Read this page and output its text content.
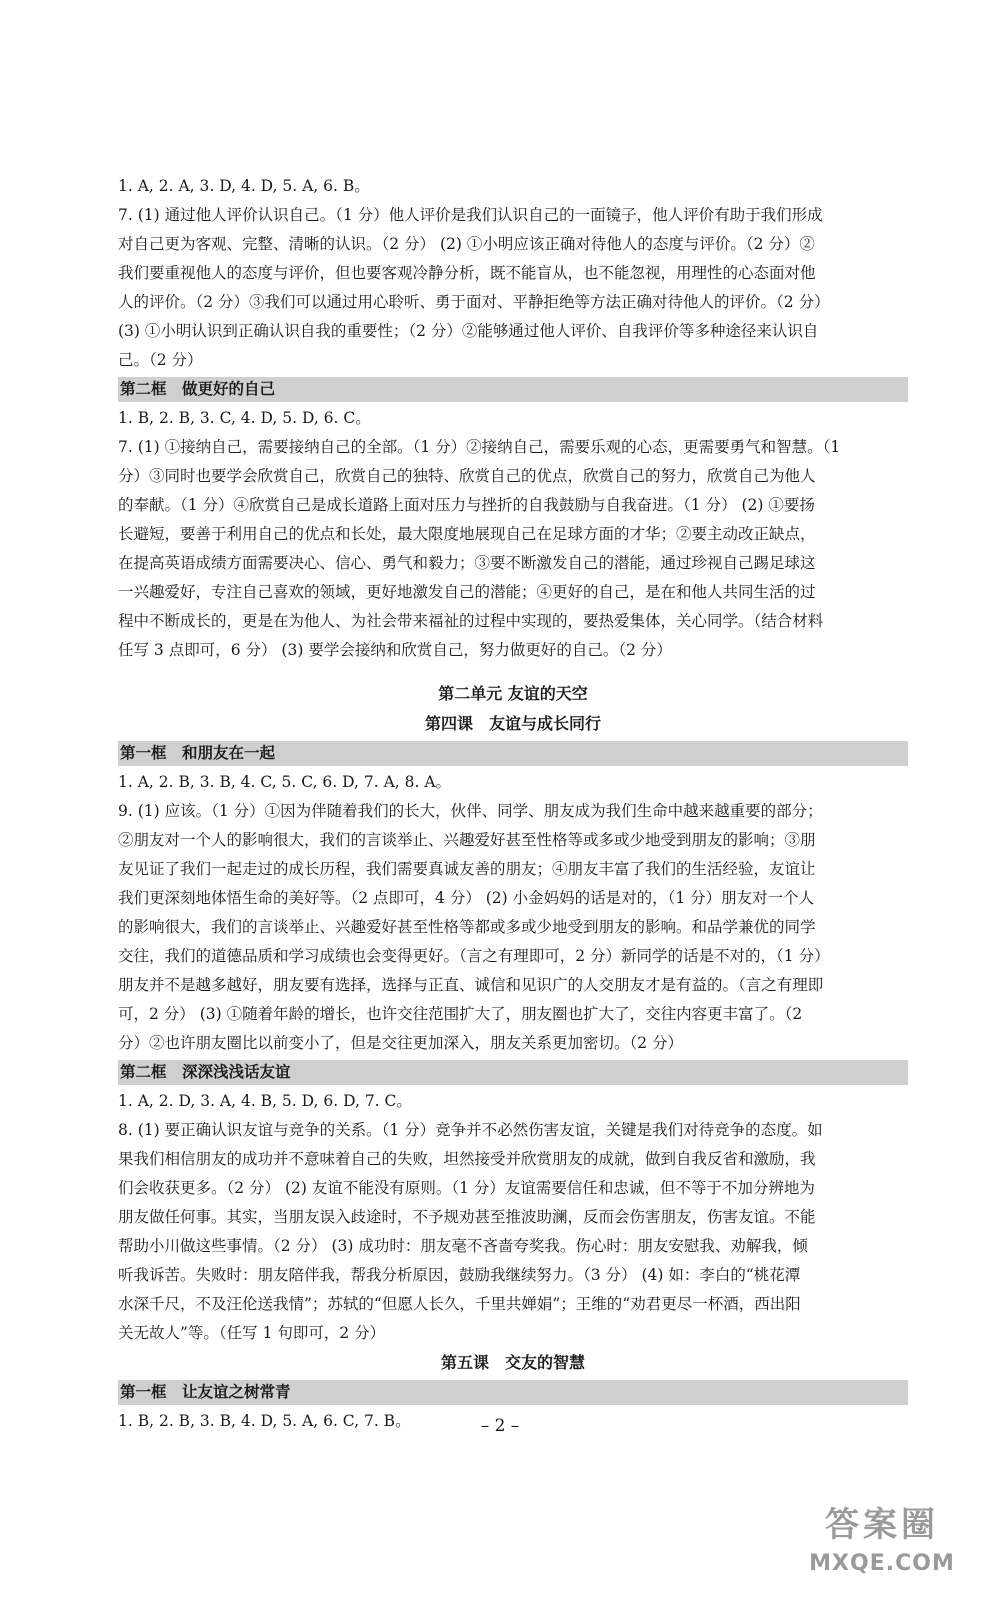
1. A, 2. A, 3. D, 4. D, 5. A, 6. B。
7. (1) 通过他人评价认识自己。（1 分）他人评价是我们认识自己的一面镜子，他人评价有助于我们形成
对自己更为客观、完整、清晰的认识。（2 分） (2) ①小明应该正确对待他人的态度与评价。（2 分）②
我们要重视他人的态度与评价，但也要客观冷静分析，既不能盲从，也不能忽视，用理性的心态面对他
人的评价。（2 分）③我们可以通过用心聆听、勇于面对、平静拒绝等方法正确对待他人的评价。（2 分）
(3) ①小明认识到正确认识自我的重要性；（2 分）②能够通过他人评价、自我评价等多种途径来认识自
己。（2 分）
第二框　做更好的自己
1. B, 2. B, 3. C, 4. D, 5. D, 6. C。
7. (1) ①接纳自己，需要接纳自己的全部。（1 分）②接纳自己，需要乐观的心态，更需要勇气和智慧。（1
分）③同时也要学会欣赏自己，欣赏自己的独特、欣赏自己的优点，欣赏自己的努力，欣赏自己为他人
的奉献。（1 分）④欣赏自己是成长道路上面对压力与挫折的自我鼓励与自我奋进。（1 分） (2) ①要扬
长避短，要善于利用自己的优点和长处，最大限度地展现自己在足球方面的才华；②要主动改正缺点，
在提高英语成绩方面需要决心、信心、勇气和毅力；③要不断激发自己的潜能，通过珍视自己踢足球这
一兴趣爱好，专注自己喜欢的领域，更好地激发自己的潜能；④更好的自己，是在和他人共同生活的过
程中不断成长的，更是在为他人、为社会带来福祉的过程中实现的，要热爱集体，关心同学。（结合材料
任写 3 点即可，6 分） (3) 要学会接纳和欣赏自己，努力做更好的自己。（2 分）
第二单元 友谊的天空
第四课　友谊与成长同行
第一框　和朋友在一起
1. A, 2. B, 3. B, 4. C, 5. C, 6. D, 7. A, 8. A。
9. (1) 应该。（1 分）①因为伴随着我们的长大，伙伴、同学、朋友成为我们生命中越来越重要的部分；
②朋友对一个人的影响很大，我们的言谈举止、兴趣爱好甚至性格等或多或少地受到朋友的影响；③朋
友见证了我们一起走过的成长历程，我们需要真诚友善的朋友；④朋友丰富了我们的生活经验，友谊让
我们更深刻地体悟生命的美好等。（2 点即可，4 分） (2) 小金妈妈的话是对的，（1 分）朋友对一个人
的影响很大，我们的言谈举止、兴趣爱好甚至性格等都或多或少地受到朋友的影响。和品学兼优的同学
交往，我们的道德品质和学习成绩也会变得更好。（言之有理即可，2 分）新同学的话是不对的，（1 分）
朋友并不是越多越好，朋友要有选择，选择与正直、诚信和见识广的人交朋友才是有益的。（言之有理即
可，2 分） (3) ①随着年龄的增长，也许交往范围扩大了，朋友圈也扩大了，交往内容更丰富了。（2
分）②也许朋友圈比以前变小了，但是交往更加深入，朋友关系更加密切。（2 分）
第二框　深深浅浅话友谊
1. A, 2. D, 3. A, 4. B, 5. D, 6. D, 7. C。
8. (1) 要正确认识友谊与竞争的关系。（1 分）竞争并不必然伤害友谊，关键是我们对待竞争的态度。如
果我们相信朋友的成功并不意味着自己的失败，坦然接受并欣赏朋友的成就，做到自我反省和激励，我
们会收获更多。（2 分） (2) 友谊不能没有原则。（1 分）友谊需要信任和忠诚，但不等于不加分辨地为
朋友做任何事。其实，当朋友误入歧途时，不予规劝甚至推波助澜，反而会伤害朋友，伤害友谊。不能
帮助小川做这些事情。（2 分） (3) 成功时：朋友毫不吝啬夸奖我。伤心时：朋友安慰我、劝解我，倾
听我诉苦。失败时：朋友陪伴我，帮我分析原因，鼓励我继续努力。（3 分） (4) 如：李白的“桃花潭
水深千尺，不及汪伦送我情”；苏轼的“但愿人长久，千里共婵娟”；王维的“劝君更尽一杯酒，西出阳
关无故人”等。（任写 1 句即可，2 分）
第五课　交友的智慧
第一框　让友谊之树常青
1. B, 2. B, 3. B, 4. D, 5. A, 6. C, 7. B。	– 2 –
答案圈
MXQE.COM
